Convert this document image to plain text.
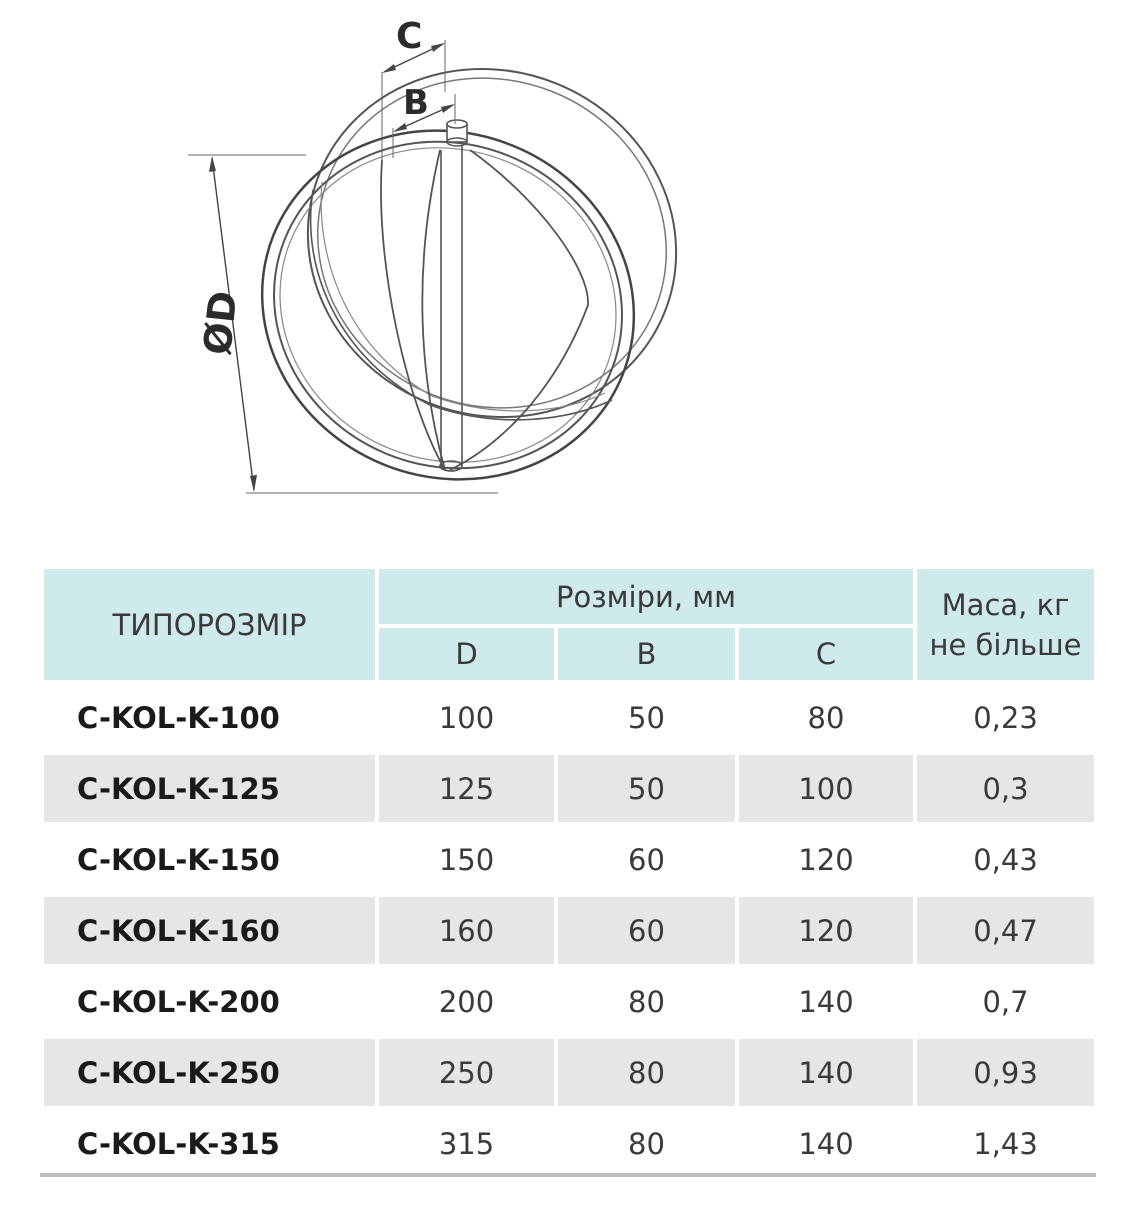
C
B
ØD
ТИПОРОЗМІР	Розміри, мм			Маса, кг
не більше
	D	B	C	
C-KOL-K-100	100	50	80	0,23
C-KOL-K-125	125	50	100	0,3
C-KOL-K-150	150	60	120	0,43
C-KOL-K-160	160	60	120	0,47
C-KOL-K-200	200	80	140	0,7
C-KOL-K-250	250	80	140	0,93
C-KOL-K-315	315	80	140	1,43
